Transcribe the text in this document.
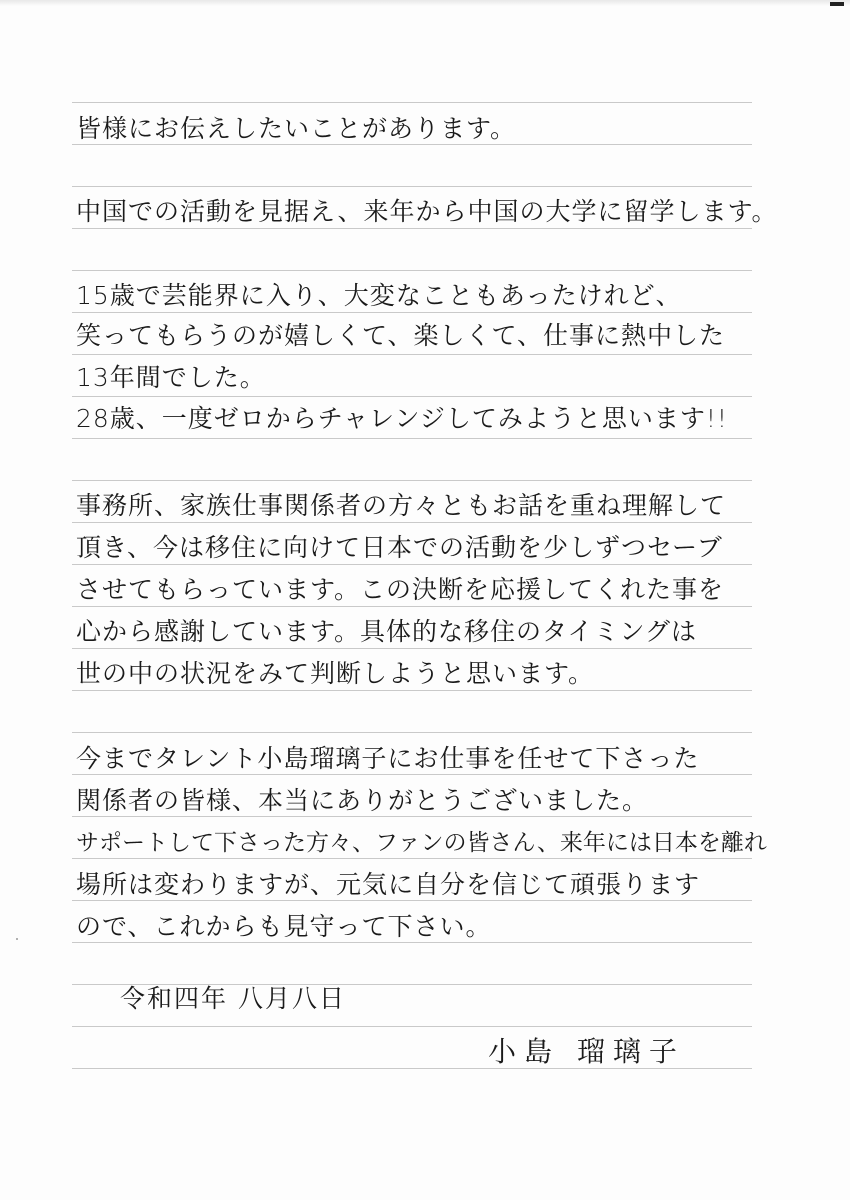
皆様にお伝えしたいことがあります。
中国での活動を見据え、来年から中国の大学に留学します。
15歳で芸能界に入り、大変なこともあったけれど、
笑ってもらうのが嬉しくて、楽しくて、仕事に熱中した
13年間でした。
28歳、一度ゼロからチャレンジしてみようと思います!!
事務所、家族仕事関係者の方々ともお話を重ね理解して
頂き、今は移住に向けて日本での活動を少しずつセーブ
させてもらっています。この決断を応援してくれた事を
心から感謝しています。具体的な移住のタイミングは
世の中の状況をみて判断しようと思います。
今までタレント小島瑠璃子にお仕事を任せて下さった
関係者の皆様、本当にありがとうございました。
サポートして下さった方々、ファンの皆さん、来年には日本を離れ
場所は変わりますが、元気に自分を信じて頑張ります
ので、これからも見守って下さい。
令和四年 八月八日
小島 瑠璃子
